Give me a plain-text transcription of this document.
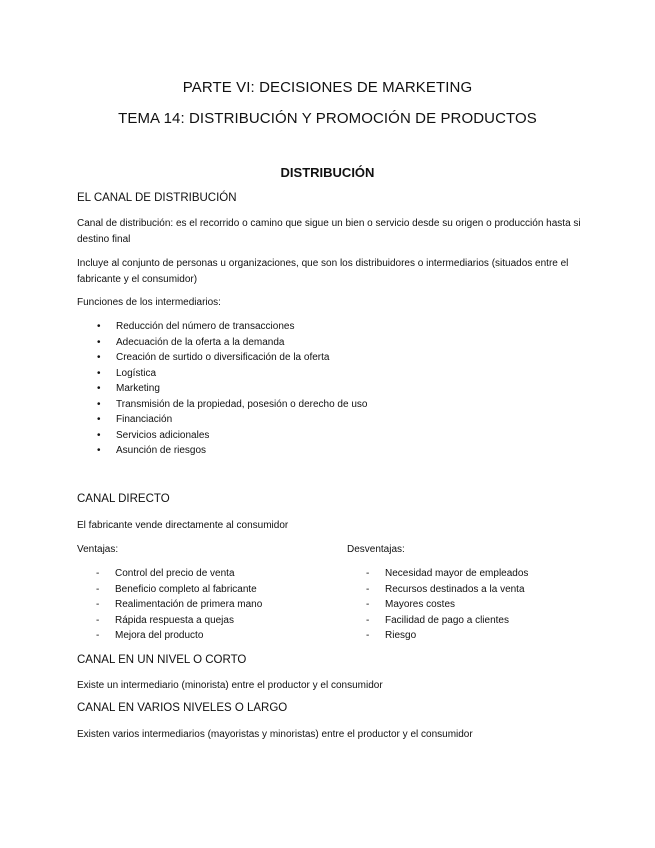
PARTE VI: DECISIONES DE MARKETING
TEMA 14: DISTRIBUCIÓN Y PROMOCIÓN DE PRODUCTOS
DISTRIBUCIÓN
EL CANAL DE DISTRIBUCIÓN
Canal de distribución: es el recorrido o camino que sigue un bien o servicio desde su origen o producción hasta si destino final
Incluye al conjunto de personas u organizaciones, que son los distribuidores o intermediarios (situados entre el fabricante y el consumidor)
Funciones de los intermediarios:
• Reducción del número de transacciones
• Adecuación de la oferta a la demanda
• Creación de surtido o diversificación de la oferta
• Logística
• Marketing
• Transmisión de la propiedad, posesión o derecho de uso
• Financiación
• Servicios adicionales
• Asunción de riesgos
CANAL DIRECTO
El fabricante vende directamente al consumidor
Ventajas:	Desventajas:
- Control del precio de venta
- Beneficio completo al fabricante
- Realimentación de primera mano
- Rápida respuesta a quejas
- Mejora del producto
- Necesidad mayor de empleados
- Recursos destinados a la venta
- Mayores costes
- Facilidad de pago a clientes
- Riesgo
CANAL EN UN NIVEL O CORTO
Existe un intermediario (minorista) entre el productor y el consumidor
CANAL EN VARIOS NIVELES O LARGO
Existen varios intermediarios (mayoristas y minoristas) entre el productor y el consumidor
